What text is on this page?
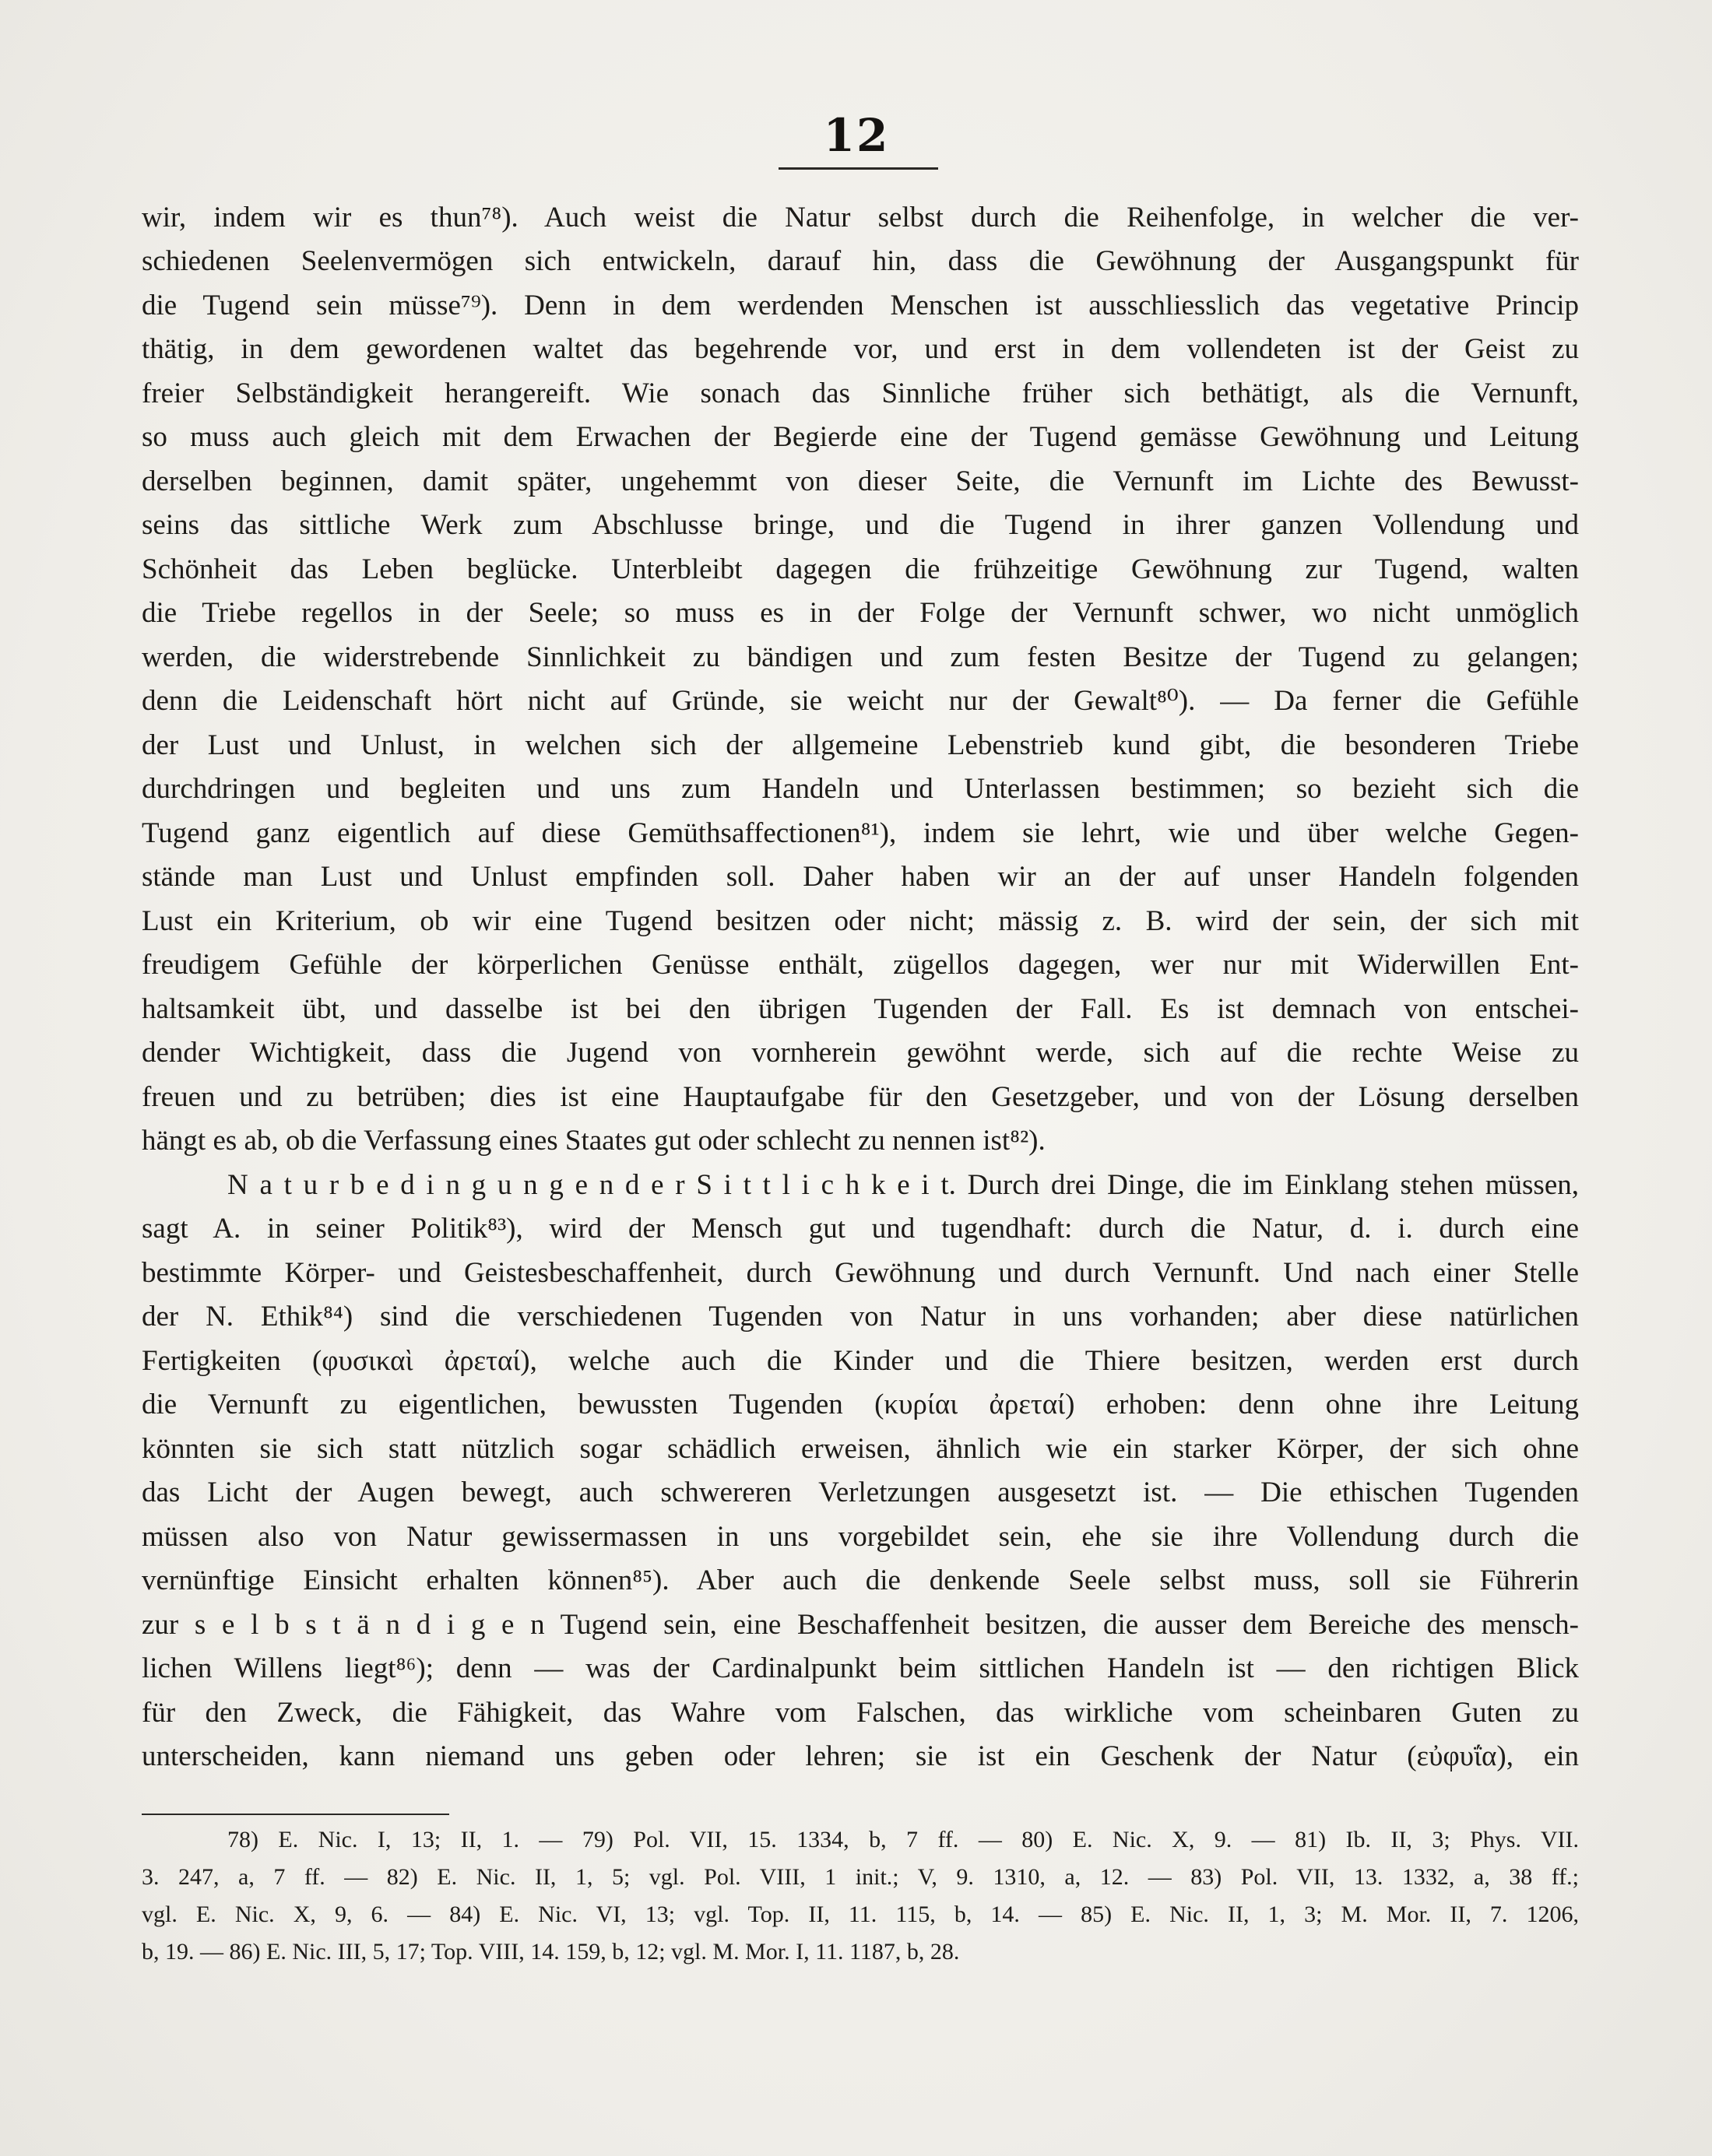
12
wir, indem wir es thun⁷⁸). Auch weist die Natur selbst durch die Reihenfolge, in welcher die ver-
schiedenen Seelenvermögen sich entwickeln, darauf hin, dass die Gewöhnung der Ausgangspunkt für
die Tugend sein müsse⁷⁹). Denn in dem werdenden Menschen ist ausschliesslich das vegetative Princip
thätig, in dem gewordenen waltet das begehrende vor, und erst in dem vollendeten ist der Geist zu
freier Selbständigkeit herangereift. Wie sonach das Sinnliche früher sich bethätigt, als die Vernunft,
so muss auch gleich mit dem Erwachen der Begierde eine der Tugend gemässe Gewöhnung und Leitung
derselben beginnen, damit später, ungehemmt von dieser Seite, die Vernunft im Lichte des Bewusst-
seins das sittliche Werk zum Abschlusse bringe, und die Tugend in ihrer ganzen Vollendung und
Schönheit das Leben beglücke. Unterbleibt dagegen die frühzeitige Gewöhnung zur Tugend, walten
die Triebe regellos in der Seele; so muss es in der Folge der Vernunft schwer, wo nicht unmöglich
werden, die widerstrebende Sinnlichkeit zu bändigen und zum festen Besitze der Tugend zu gelangen;
denn die Leidenschaft hört nicht auf Gründe, sie weicht nur der Gewalt⁸⁰). — Da ferner die Gefühle
der Lust und Unlust, in welchen sich der allgemeine Lebenstrieb kund gibt, die besonderen Triebe
durchdringen und begleiten und uns zum Handeln und Unterlassen bestimmen; so bezieht sich die
Tugend ganz eigentlich auf diese Gemüthsaffectionen⁸¹), indem sie lehrt, wie und über welche Gegen-
stände man Lust und Unlust empfinden soll. Daher haben wir an der auf unser Handeln folgenden
Lust ein Kriterium, ob wir eine Tugend besitzen oder nicht; mässig z. B. wird der sein, der sich mit
freudigem Gefühle der körperlichen Genüsse enthält, zügellos dagegen, wer nur mit Widerwillen Ent-
haltsamkeit übt, und dasselbe ist bei den übrigen Tugenden der Fall. Es ist demnach von entschei-
dender Wichtigkeit, dass die Jugend von vornherein gewöhnt werde, sich auf die rechte Weise zu
freuen und zu betrüben; dies ist eine Hauptaufgabe für den Gesetzgeber, und von der Lösung derselben
hängt es ab, ob die Verfassung eines Staates gut oder schlecht zu nennen ist⁸²).
N a t u r b e d i n g u n g e n d e r S i t t l i c h k e i t. Durch drei Dinge, die im Einklang stehen müssen,
sagt A. in seiner Politik⁸³), wird der Mensch gut und tugendhaft: durch die Natur, d. i. durch eine
bestimmte Körper- und Geistesbeschaffenheit, durch Gewöhnung und durch Vernunft. Und nach einer Stelle
der N. Ethik⁸⁴) sind die verschiedenen Tugenden von Natur in uns vorhanden; aber diese natürlichen
Fertigkeiten (φυσικαὶ ἀρεταί), welche auch die Kinder und die Thiere besitzen, werden erst durch
die Vernunft zu eigentlichen, bewussten Tugenden (κυρίαι ἀρεταί) erhoben: denn ohne ihre Leitung
könnten sie sich statt nützlich sogar schädlich erweisen, ähnlich wie ein starker Körper, der sich ohne
das Licht der Augen bewegt, auch schwereren Verletzungen ausgesetzt ist. — Die ethischen Tugenden
müssen also von Natur gewissermassen in uns vorgebildet sein, ehe sie ihre Vollendung durch die
vernünftige Einsicht erhalten können⁸⁵). Aber auch die denkende Seele selbst muss, soll sie Führerin
zur s e l b s t ä n d i g e n Tugend sein, eine Beschaffenheit besitzen, die ausser dem Bereiche des mensch-
lichen Willens liegt⁸⁶); denn — was der Cardinalpunkt beim sittlichen Handeln ist — den richtigen Blick
für den Zweck, die Fähigkeit, das Wahre vom Falschen, das wirkliche vom scheinbaren Guten zu
unterscheiden, kann niemand uns geben oder lehren; sie ist ein Geschenk der Natur (εὐφυΐα), ein
78) E. Nic. I, 13; II, 1. — 79) Pol. VII, 15. 1334, b, 7 ff. — 80) E. Nic. X, 9. — 81) Ib. II, 3; Phys. VII.
3. 247, a, 7 ff. — 82) E. Nic. II, 1, 5; vgl. Pol. VIII, 1 init.; V, 9. 1310, a, 12. — 83) Pol. VII, 13. 1332, a, 38 ff.;
vgl. E. Nic. X, 9, 6. — 84) E. Nic. VI, 13; vgl. Top. II, 11. 115, b, 14. — 85) E. Nic. II, 1, 3; M. Mor. II, 7. 1206,
b, 19. — 86) E. Nic. III, 5, 17; Top. VIII, 14. 159, b, 12; vgl. M. Mor. I, 11. 1187, b, 28.
